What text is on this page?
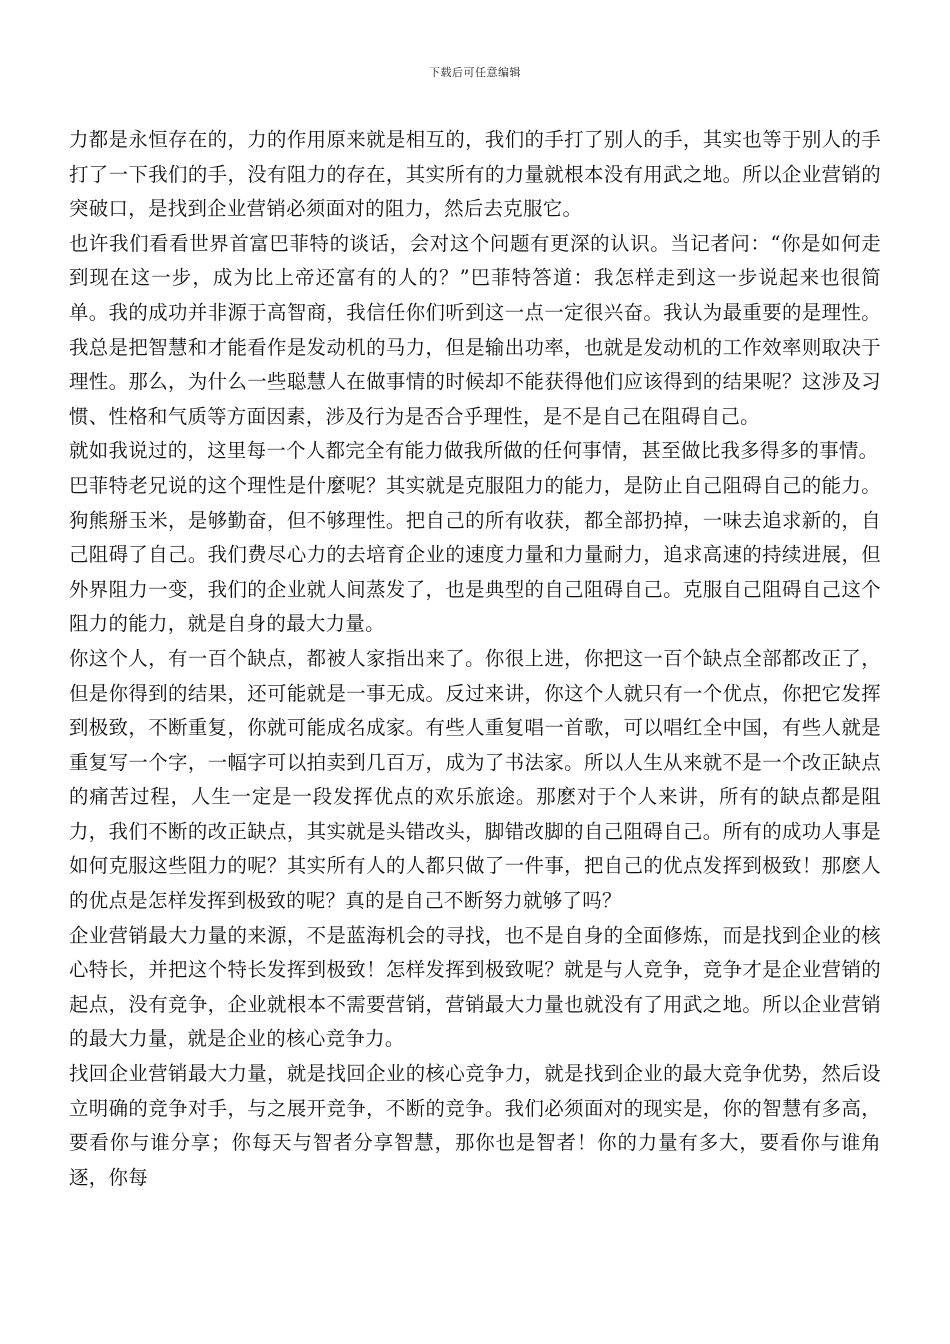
下载后可任意编辑

力都是永恒存在的，力的作用原来就是相互的，我们的手打了别人的手，其实也等于别人的手打了一下我们的手，没有阻力的存在，其实所有的力量就根本没有用武之地。所以企业营销的突破口，是找到企业营销必须面对的阻力，然后去克服它。

也许我们看看世界首富巴菲特的谈话，会对这个问题有更深的认识。当记者问：“你是如何走到现在这一步，成为比上帝还富有的人的？”巴菲特答道：我怎样走到这一步说起来也很简单。我的成功并非源于高智商，我信任你们听到这一点一定很兴奋。我认为最重要的是理性。我总是把智慧和才能看作是发动机的马力，但是输出功率，也就是发动机的工作效率则取决于理性。那么，为什么一些聪慧人在做事情的时候却不能获得他们应该得到的结果呢？这涉及习惯、性格和气质等方面因素，涉及行为是否合乎理性，是不是自己在阻碍自己。

就如我说过的，这里每一个人都完全有能力做我所做的任何事情，甚至做比我多得多的事情。

巴菲特老兄说的这个理性是什麼呢？其实就是克服阻力的能力，是防止自己阻碍自己的能力。狗熊掰玉米，是够勤奋，但不够理性。把自己的所有收获，都全部扔掉，一味去追求新的，自己阻碍了自己。我们费尽心力的去培育企业的速度力量和力量耐力，追求高速的持续进展，但外界阻力一变，我们的企业就人间蒸发了，也是典型的自己阻碍自己。克服自己阻碍自己这个阻力的能力，就是自身的最大力量。

你这个人，有一百个缺点，都被人家指出来了。你很上进，你把这一百个缺点全部都改正了，但是你得到的结果，还可能就是一事无成。反过来讲，你这个人就只有一个优点，你把它发挥到极致，不断重复，你就可能成名成家。有些人重复唱一首歌，可以唱红全中国，有些人就是重复写一个字，一幅字可以拍卖到几百万，成为了书法家。所以人生从来就不是一个改正缺点的痛苦过程，人生一定是一段发挥优点的欢乐旅途。那麽对于个人来讲，所有的缺点都是阻力，我们不断的改正缺点，其实就是头错改头，脚错改脚的自己阻碍自己。所有的成功人事是如何克服这些阻力的呢？其实所有人的人都只做了一件事，把自己的优点发挥到极致！那麽人的优点是怎样发挥到极致的呢？真的是自己不断努力就够了吗？

企业营销最大力量的来源，不是蓝海机会的寻找，也不是自身的全面修炼，而是找到企业的核心特长，并把这个特长发挥到极致！怎样发挥到极致呢？就是与人竞争，竞争才是企业营销的起点，没有竞争，企业就根本不需要营销，营销最大力量也就没有了用武之地。所以企业营销的最大力量，就是企业的核心竞争力。

找回企业营销最大力量，就是找回企业的核心竞争力，就是找到企业的最大竞争优势，然后设立明确的竞争对手，与之展开竞争，不断的竞争。我们必须面对的现实是，你的智慧有多高，要看你与谁分享；你每天与智者分享智慧，那你也是智者！你的力量有多大，要看你与谁角逐，你每
